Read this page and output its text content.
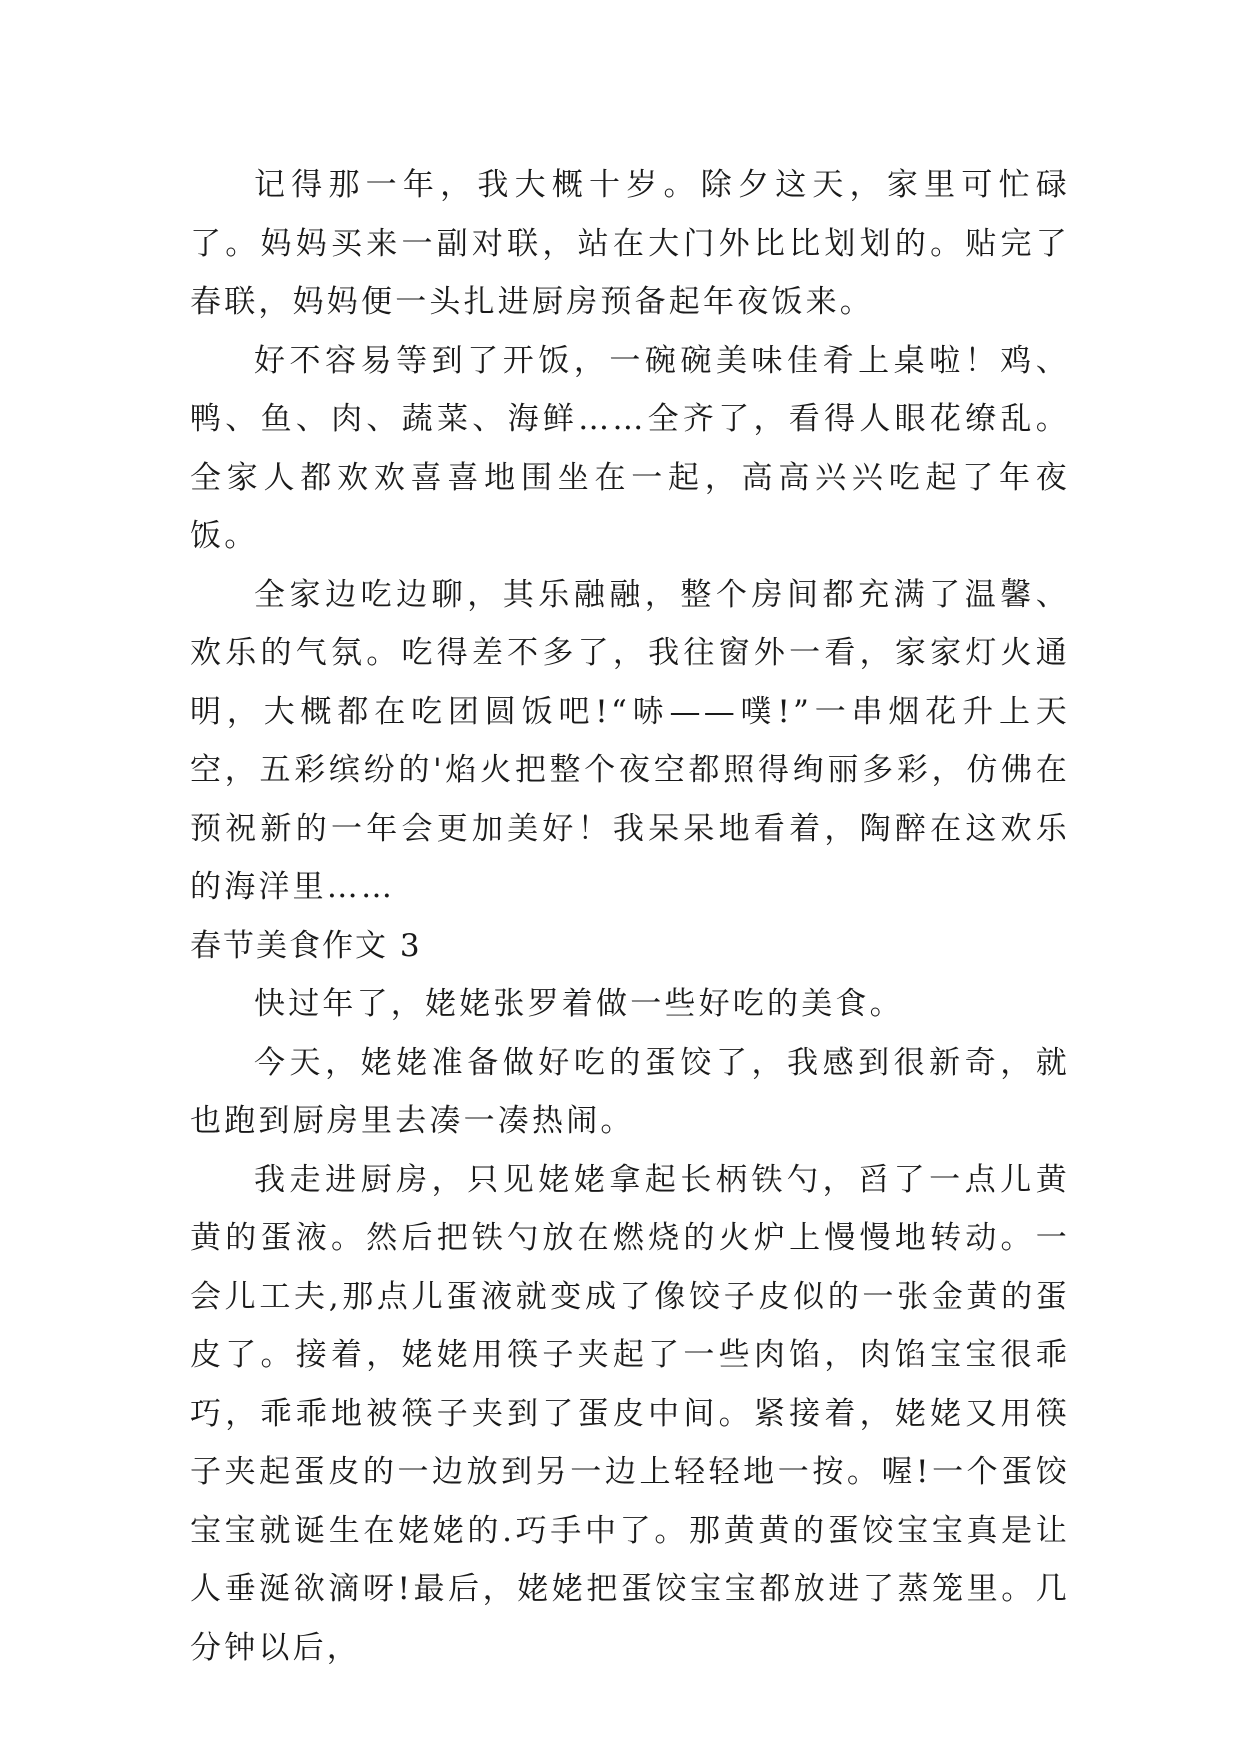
记得那一年，我大概十岁。除夕这天，家里可忙碌了。妈妈买来一副对联，站在大门外比比划划的。贴完了春联，妈妈便一头扎进厨房预备起年夜饭来。

好不容易等到了开饭，一碗碗美味佳肴上桌啦！鸡、鸭、鱼、肉、蔬菜、海鲜……全齐了，看得人眼花缭乱。全家人都欢欢喜喜地围坐在一起，高高兴兴吃起了年夜饭。

全家边吃边聊，其乐融融，整个房间都充满了温馨、欢乐的气氛。吃得差不多了，我往窗外一看，家家灯火通明，大概都在吃团圆饭吧!“哧——噗!”一串烟花升上天空，五彩缤纷的'焰火把整个夜空都照得绚丽多彩，仿佛在预祝新的一年会更加美好！我呆呆地看着，陶醉在这欢乐的海洋里……

春节美食作文 3

快过年了，姥姥张罗着做一些好吃的美食。

今天，姥姥准备做好吃的蛋饺了，我感到很新奇，就也跑到厨房里去凑一凑热闹。

我走进厨房，只见姥姥拿起长柄铁勺，舀了一点儿黄黄的蛋液。然后把铁勺放在燃烧的火炉上慢慢地转动。一会儿工夫,那点儿蛋液就变成了像饺子皮似的一张金黄的蛋皮了。接着，姥姥用筷子夹起了一些肉馅，肉馅宝宝很乖巧，乖乖地被筷子夹到了蛋皮中间。紧接着，姥姥又用筷子夹起蛋皮的一边放到另一边上轻轻地一按。喔!一个蛋饺宝宝就诞生在姥姥的.巧手中了。那黄黄的蛋饺宝宝真是让人垂涎欲滴呀!最后，姥姥把蛋饺宝宝都放进了蒸笼里。几分钟以后，
